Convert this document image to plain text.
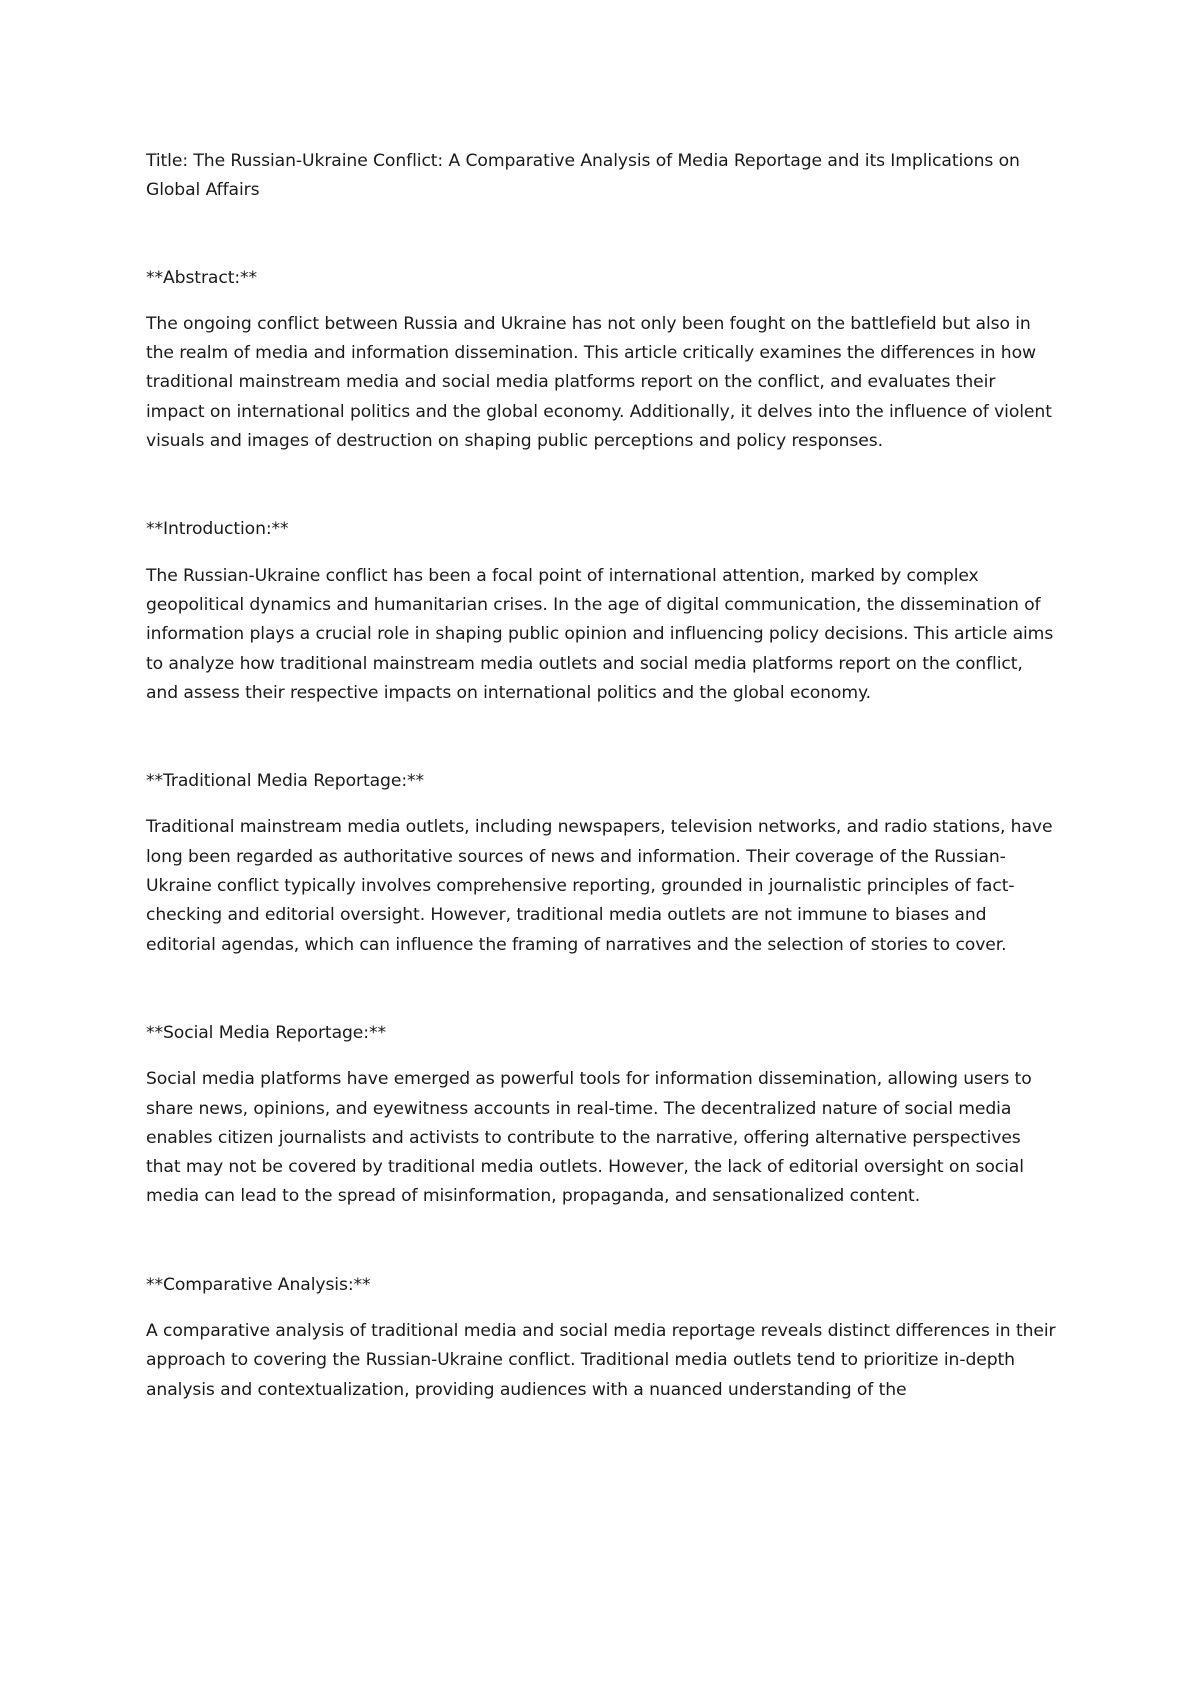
Title: The Russian-Ukraine Conflict: A Comparative Analysis of Media Reportage and its Implications on Global Affairs

**Abstract:**

The ongoing conflict between Russia and Ukraine has not only been fought on the battlefield but also in the realm of media and information dissemination. This article critically examines the differences in how traditional mainstream media and social media platforms report on the conflict, and evaluates their impact on international politics and the global economy. Additionally, it delves into the influence of violent visuals and images of destruction on shaping public perceptions and policy responses.

**Introduction:**

The Russian-Ukraine conflict has been a focal point of international attention, marked by complex geopolitical dynamics and humanitarian crises. In the age of digital communication, the dissemination of information plays a crucial role in shaping public opinion and influencing policy decisions. This article aims to analyze how traditional mainstream media outlets and social media platforms report on the conflict, and assess their respective impacts on international politics and the global economy.

**Traditional Media Reportage:**

Traditional mainstream media outlets, including newspapers, television networks, and radio stations, have long been regarded as authoritative sources of news and information. Their coverage of the Russian-Ukraine conflict typically involves comprehensive reporting, grounded in journalistic principles of fact-checking and editorial oversight. However, traditional media outlets are not immune to biases and editorial agendas, which can influence the framing of narratives and the selection of stories to cover.

**Social Media Reportage:**

Social media platforms have emerged as powerful tools for information dissemination, allowing users to share news, opinions, and eyewitness accounts in real-time. The decentralized nature of social media enables citizen journalists and activists to contribute to the narrative, offering alternative perspectives that may not be covered by traditional media outlets. However, the lack of editorial oversight on social media can lead to the spread of misinformation, propaganda, and sensationalized content.

**Comparative Analysis:**

A comparative analysis of traditional media and social media reportage reveals distinct differences in their approach to covering the Russian-Ukraine conflict. Traditional media outlets tend to prioritize in-depth analysis and contextualization, providing audiences with a nuanced understanding of the
